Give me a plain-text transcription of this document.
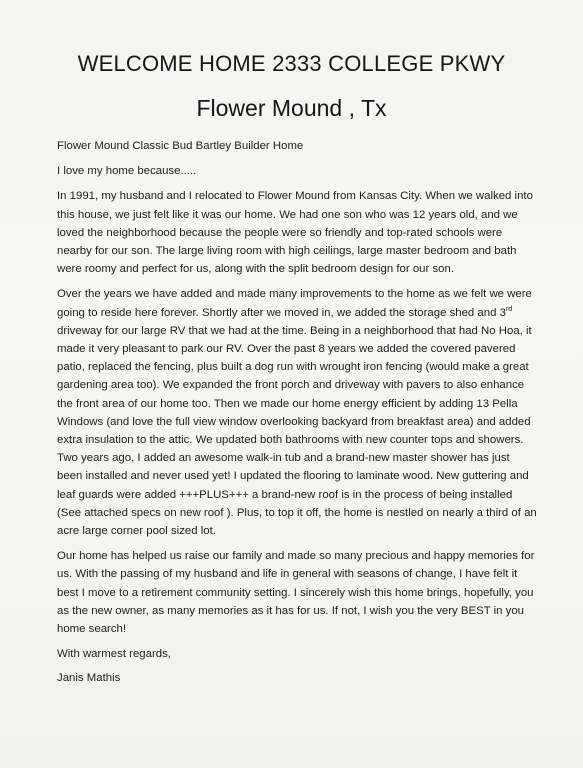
WELCOME HOME 2333 COLLEGE PKWY
Flower Mound , Tx

Flower Mound Classic Bud Bartley Builder Home

I love my home because.....

In 1991, my husband and I relocated to Flower Mound from Kansas City. When we walked into this house, we just felt like it was our home. We had one son who was 12 years old, and we loved the neighborhood because the people were so friendly and top-rated schools were nearby for our son. The large living room with high ceilings, large master bedroom and bath were roomy and perfect for us, along with the split bedroom design for our son.

Over the years we have added and made many improvements to the home as we felt we were going to reside here forever. Shortly after we moved in, we added the storage shed and 3rd driveway for our large RV that we had at the time. Being in a neighborhood that had No Hoa, it made it very pleasant to park our RV. Over the past 8 years we added the covered pavered patio, replaced the fencing, plus built a dog run with wrought iron fencing (would make a great gardening area too). We expanded the front porch and driveway with pavers to also enhance the front area of our home too. Then we made our home energy efficient by adding 13 Pella Windows (and love the full view window overlooking backyard from breakfast area) and added extra insulation to the attic. We updated both bathrooms with new counter tops and showers. Two years ago, I added an awesome walk-in tub and a brand-new master shower has just been installed and never used yet! I updated the flooring to laminate wood. New guttering and leaf guards were added +++PLUS+++ a brand-new roof is in the process of being installed (See attached specs on new roof ). Plus, to top it off, the home is nestled on nearly a third of an acre large corner pool sized lot.

Our home has helped us raise our family and made so many precious and happy memories for us. With the passing of my husband and life in general with seasons of change, I have felt it best I move to a retirement community setting. I sincerely wish this home brings, hopefully, you as the new owner, as many memories as it has for us. If not, I wish you the very BEST in you home search!

With warmest regards,

Janis Mathis
